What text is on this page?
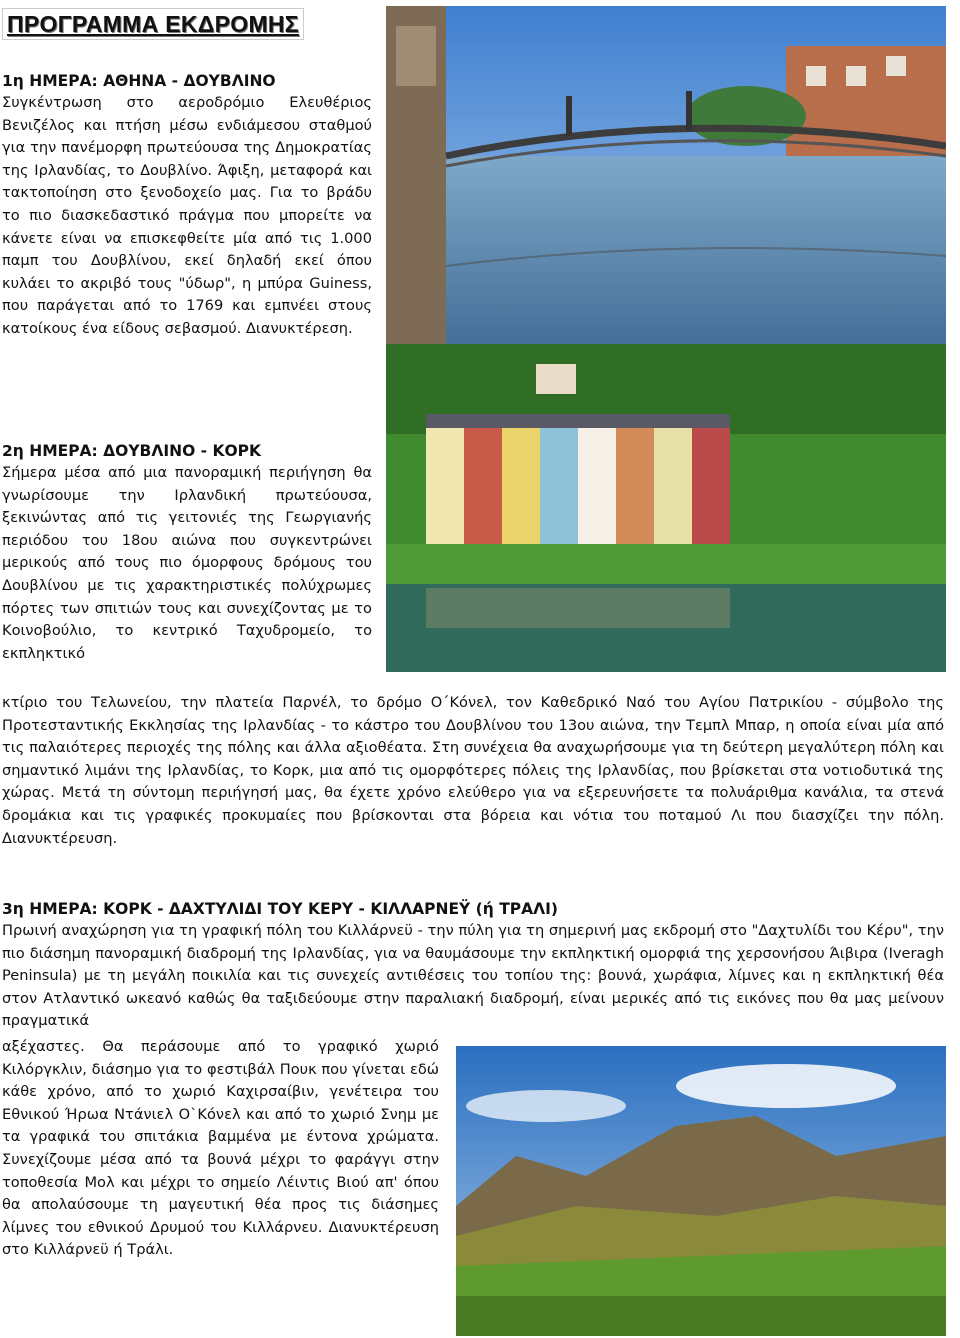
ΠΡΟΓΡΑΜΜΑ ΕΚΔΡΟΜΗΣ

1η ΗΜΕΡΑ: ΑΘΗΝΑ - ΔΟΥΒΛΙΝΟ

Συγκέντρωση στο αεροδρόμιο Ελευθέριος Βενιζέλος και πτήση μέσω ενδιάμεσου σταθμού για την πανέμορφη πρωτεύουσα της Δημοκρατίας της Ιρλανδίας, το Δουβλίνο. Άφιξη, μεταφορά και τακτοποίηση στο ξενοδοχείο μας. Για το βράδυ το πιο διασκεδαστικό πράγμα που μπορείτε να κάνετε είναι να επισκεφθείτε μία από τις 1.000 παμπ του Δουβλίνου, εκεί δηλαδή εκεί όπου κυλάει το ακριβό τους "ύδωρ", η μπύρα Guiness, που παράγεται από το 1769 και εμπνέει στους κατοίκους ένα είδους σεβασμού. Διανυκτέρεση.

2η ΗΜΕΡΑ: ΔΟΥΒΛΙΝΟ - ΚΟΡΚ

Σήμερα μέσα από μια πανοραμική περιήγηση θα γνωρίσουμε την Ιρλανδική πρωτεύουσα, ξεκινώντας από τις γειτονιές της Γεωργιανής περιόδου του 18ου αιώνα που συγκεντρώνει μερικούς από τους πιο όμορφους δρόμους του Δουβλίνου με τις χαρακτηριστικές πολύχρωμες πόρτες των σπιτιών τους και συνεχίζοντας με το Κοινοβούλιο, το κεντρικό Ταχυδρομείο, το εκπληκτικό

κτίριο του Τελωνείου, την πλατεία Παρνέλ, το δρόμο Ο΄Κόνελ, τον Καθεδρικό Ναό του Αγίου Πατρικίου - σύμβολο της Προτεσταντικής Εκκλησίας της Ιρλανδίας - το κάστρο του Δουβλίνου του 13ου αιώνα, την Τεμπλ Μπαρ, η οποία είναι μία από τις παλαιότερες περιοχές της πόλης και άλλα αξιοθέατα. Στη συνέχεια θα αναχωρήσουμε για τη δεύτερη μεγαλύτερη πόλη και σημαντικό λιμάνι της Ιρλανδίας, το Κορκ, μια από τις ομορφότερες πόλεις της Ιρλανδίας, που βρίσκεται στα νοτιοδυτικά της χώρας. Μετά τη σύντομη περιήγησή μας, θα έχετε χρόνο ελεύθερο για να εξερευνήσετε τα πολυάριθμα κανάλια, τα στενά δρομάκια και τις γραφικές προκυμαίες που βρίσκονται στα βόρεια και νότια του ποταμού Λι που διασχίζει την πόλη. Διανυκτέρευση.

3η ΗΜΕΡΑ: ΚΟΡΚ - ΔΑΧΤΥΛΙΔΙ ΤΟΥ ΚΕΡΥ - ΚΙΛΛΑΡΝΕΫ (ή ΤΡΑΛΙ)

Πρωινή αναχώρηση για τη γραφική πόλη του Κιλλάρνεϋ - την πύλη για τη σημερινή μας εκδρομή στο "Δαχτυλίδι του Κέρυ", την πιο διάσημη πανοραμική διαδρομή της Ιρλανδίας, για να θαυμάσουμε την εκπληκτική ομορφιά της χερσονήσου Άιβιρα (Iveragh Peninsula) με τη μεγάλη ποικιλία και τις συνεχείς αντιθέσεις του τοπίου της: βουνά, χωράφια, λίμνες και η εκπληκτική θέα στον Ατλαντικό ωκεανό καθώς θα ταξιδεύουμε στην παραλιακή διαδρομή, είναι μερικές από τις εικόνες που θα μας μείνουν πραγματικά

αξέχαστες. Θα περάσουμε από το γραφικό χωριό Κιλόργκλιν, διάσημο για το φεστιβάλ Πουκ που γίνεται εδώ κάθε χρόνο, από το χωριό Καχιρσαίβιν, γενέτειρα του Εθνικού Ήρωα Ντάνιελ Ο`Κόνελ και από το χωριό Σνημ με τα γραφικά του σπιτάκια βαμμένα με έντονα χρώματα. Συνεχίζουμε μέσα από τα βουνά μέχρι το φαράγγι στην τοποθεσία Μολ και μέχρι το σημείο Λέιντις Βιού απ' όπου θα απολαύσουμε τη μαγευτική θέα προς τις διάσημες λίμνες του εθνικού Δρυμού του Κιλλάρνευ. Διανυκτέρευση στο Κιλλάρνεϋ ή Τράλι.
